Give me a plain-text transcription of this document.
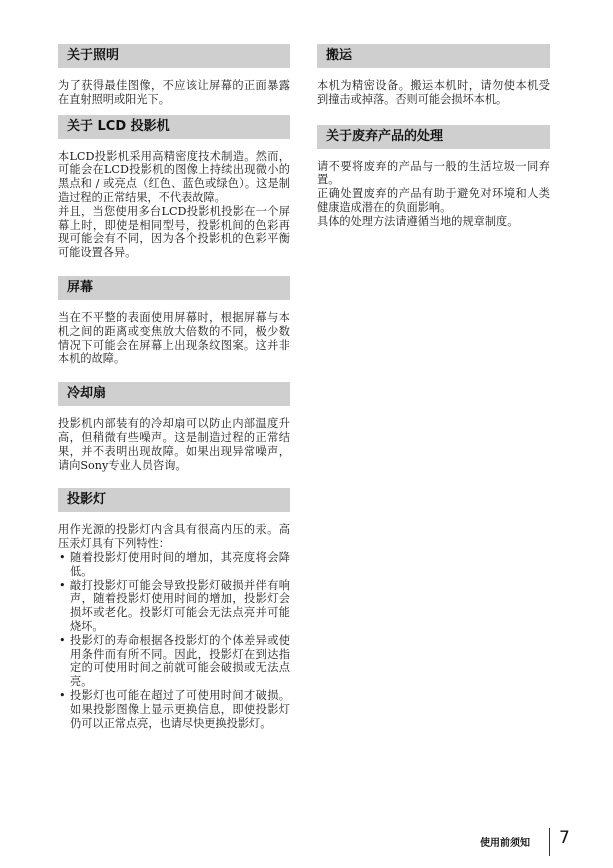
关于照明

为了获得最佳图像，不应该让屏幕的正面暴露在直射照明或阳光下。

关于 LCD 投影机

本LCD投影机采用高精密度技术制造。然而，可能会在LCD投影机的图像上持续出现微小的黑点和 / 或亮点（红色、蓝色或绿色）。这是制造过程的正常结果，不代表故障。

并且，当您使用多台LCD投影机投影在一个屏幕上时，即使是相同型号，投影机间的色彩再现可能会有不同，因为各个投影机的色彩平衡可能设置各异。

屏幕

当在不平整的表面使用屏幕时，根据屏幕与本机之间的距离或变焦放大倍数的不同，极少数情况下可能会在屏幕上出现条纹图案。这并非本机的故障。

冷却扇

投影机内部装有的冷却扇可以防止内部温度升高，但稍微有些噪声。这是制造过程的正常结果，并不表明出现故障。如果出现异常噪声，请向Sony专业人员咨询。

投影灯

用作光源的投影灯内含具有很高内压的汞。高压汞灯具有下列特性：

• 随着投影灯使用时间的增加，其亮度将会降低。
• 敲打投影灯可能会导致投影灯破损并伴有响声，随着投影灯使用时间的增加，投影灯会损坏或老化。投影灯可能会无法点亮并可能烧坏。
• 投影灯的寿命根据各投影灯的个体差异或使用条件而有所不同。因此，投影灯在到达指定的可使用时间之前就可能会破损或无法点亮。
• 投影灯也可能在超过了可使用时间才破损。如果投影图像上显示更换信息，即使投影灯仍可以正常点亮，也请尽快更换投影灯。
搬运

本机为精密设备。搬运本机时，请勿使本机受到撞击或掉落。否则可能会损坏本机。

关于废弃产品的处理

请不要将废弃的产品与一般的生活垃圾一同弃置。

正确处置废弃的产品有助于避免对环境和人类健康造成潜在的负面影响。

具体的处理方法请遵循当地的规章制度。

使用前须知 7
